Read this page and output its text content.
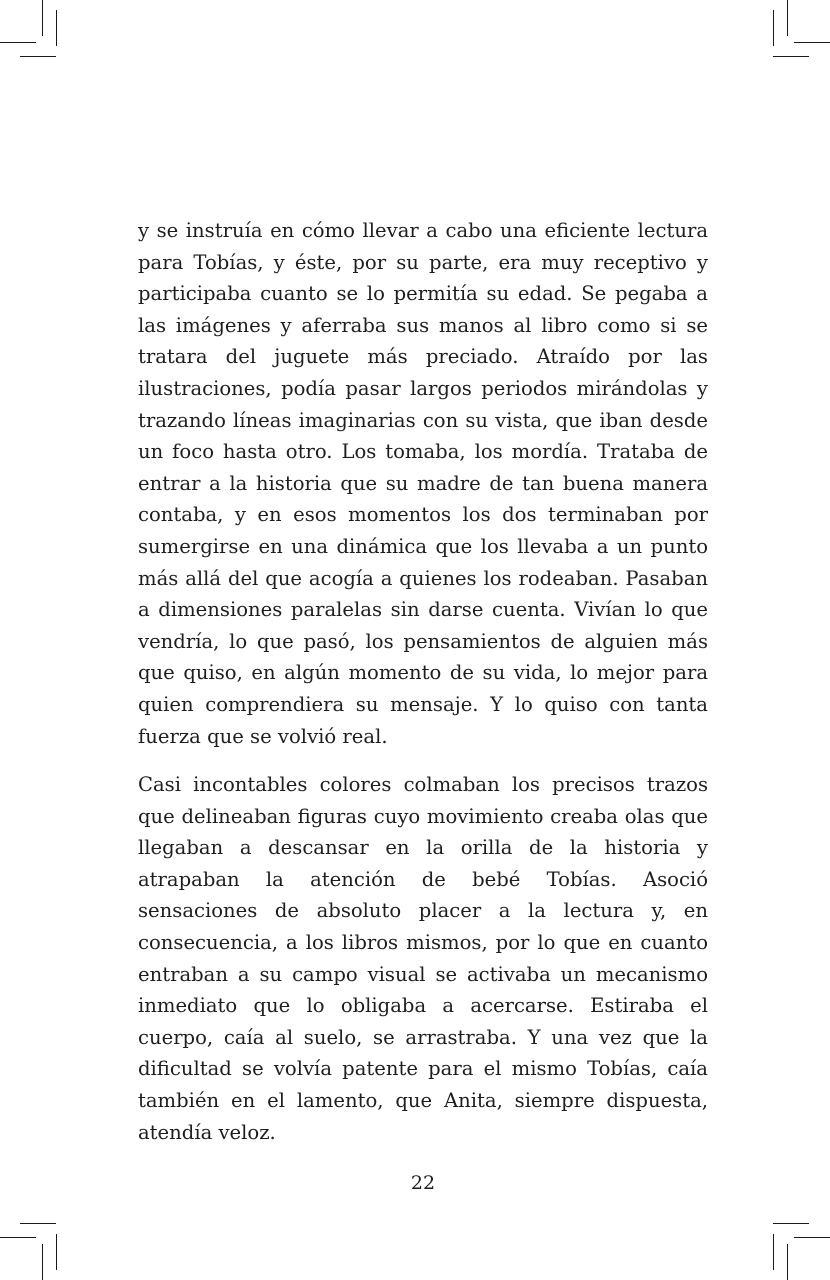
y se instruía en cómo llevar a cabo una eficiente lectura para Tobías, y éste, por su parte, era muy receptivo y participaba cuanto se lo permitía su edad. Se pegaba a las imágenes y aferraba sus manos al libro como si se tratara del juguete más preciado. Atraído por las ilustraciones, podía pasar largos periodos mirándolas y trazando líneas imaginarias con su vista, que iban desde un foco hasta otro. Los tomaba, los mordía. Trataba de entrar a la historia que su madre de tan buena manera contaba, y en esos momentos los dos terminaban por sumergirse en una dinámica que los llevaba a un punto más allá del que acogía a quienes los rodeaban. Pasaban a dimensiones paralelas sin darse cuenta. Vivían lo que vendría, lo que pasó, los pensamientos de alguien más que quiso, en algún momento de su vida, lo mejor para quien comprendiera su mensaje. Y lo quiso con tanta fuerza que se volvió real.

Casi incontables colores colmaban los precisos trazos que delineaban figuras cuyo movimiento creaba olas que llegaban a descansar en la orilla de la historia y atrapaban la atención de bebé Tobías. Asoció sensaciones de absoluto placer a la lectura y, en consecuencia, a los libros mismos, por lo que en cuanto entraban a su campo visual se activaba un mecanismo inmediato que lo obligaba a acercarse. Estiraba el cuerpo, caía al suelo, se arrastraba. Y una vez que la dificultad se volvía patente para el mismo Tobías, caía también en el lamento, que Anita, siempre dispuesta, atendía veloz.

22
